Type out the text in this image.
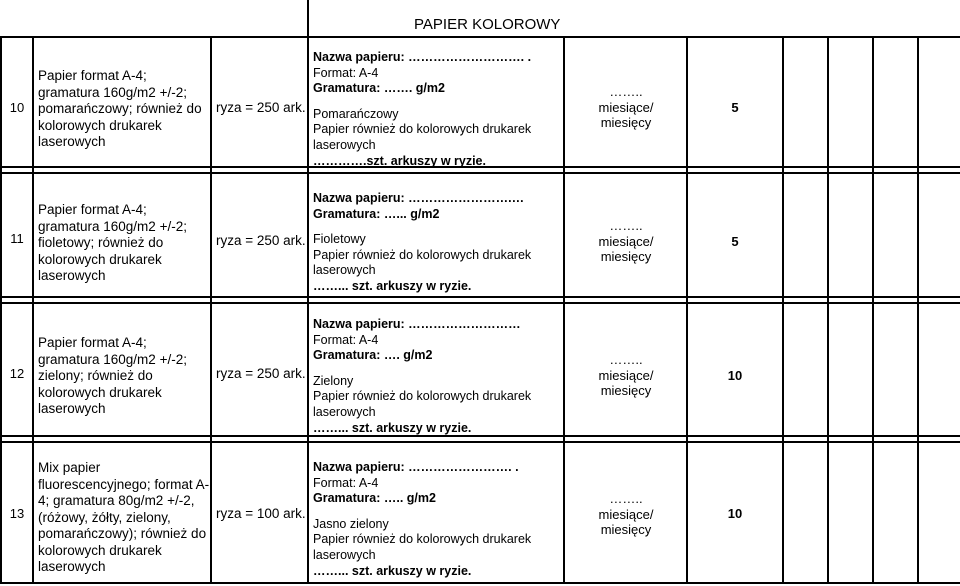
PAPIER KOLOROWY
10
Papier format A-4; gramatura 160g/m2 +/-2; pomarańczowy; również do kolorowych drukarek laserowych
ryza = 250 ark.
Nazwa papieru: ………………………. .
Format: A-4
Gramatura: ……. g/m2
Pomarańczowy
Papier również do kolorowych drukarek laserowych
………….szt. arkuszy w ryzie.
……..
miesiące/
miesięcy
5
11
Papier format A-4; gramatura 160g/m2 +/-2; fioletowy; również do kolorowych drukarek laserowych
ryza = 250 ark.
Nazwa papieru: …………………….…
Gramatura: …... g/m2
Fioletowy
Papier również do kolorowych drukarek laserowych
……... szt. arkuszy w ryzie.
……..
miesiące/
miesięcy
5
12
Papier format A-4; gramatura 160g/m2 +/-2; zielony; również do kolorowych drukarek laserowych
ryza = 250 ark.
Nazwa papieru: ………………………
Format: A-4
Gramatura: …. g/m2
Zielony
Papier również do kolorowych drukarek laserowych
……... szt. arkuszy w ryzie.
……..
miesiące/
miesięcy
10
13
Mix papier fluorescencyjnego; format A-4; gramatura 80g/m2 +/-2, (różowy, żółty, zielony, pomarańczowy); również do kolorowych drukarek laserowych
ryza = 100 ark.
Nazwa papieru: ……………………. .
Format: A-4
Gramatura: ….. g/m2
Jasno zielony
Papier również do kolorowych drukarek laserowych
……... szt. arkuszy w ryzie.
……..
miesiące/
miesięcy
10
